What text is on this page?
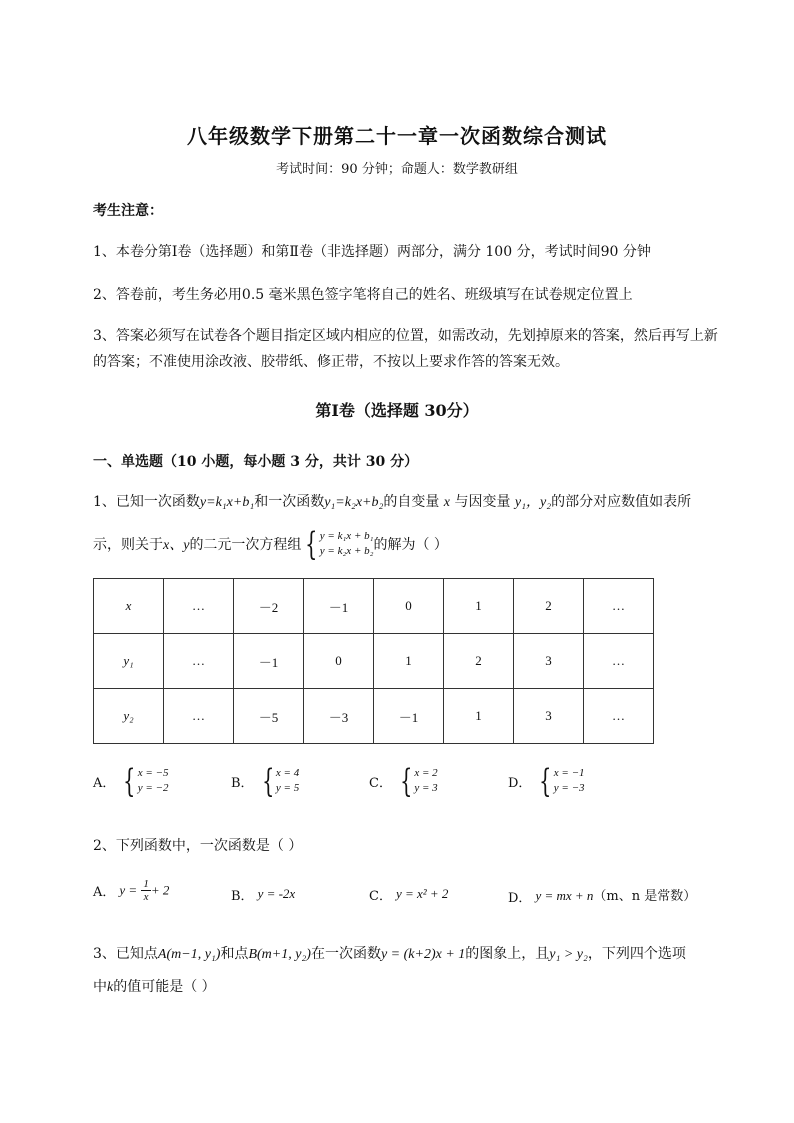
八年级数学下册第二十一章一次函数综合测试
考试时间：90 分钟；命题人：数学教研组
考生注意：
1、本卷分第Ⅰ卷（选择题）和第Ⅱ卷（非选择题）两部分，满分 100 分，考试时间90 分钟
2、答卷前，考生务必用0.5 毫米黑色签字笔将自己的姓名、班级填写在试卷规定位置上
3、答案必须写在试卷各个题目指定区域内相应的位置，如需改动，先划掉原来的答案，然后再写上新
的答案；不准使用涂改液、胶带纸、修正带，不按以上要求作答的答案无效。
第Ⅰ卷（选择题 30分）
一、单选题（10 小题，每小题 3 分，共计 30 分）
1、已知一次函数y=k₁x+b₁和一次函数y₁=k₂x+b₂的自变量 x 与因变量 y₁，y₂的部分对应数值如表所
示，则关于x、y的二元一次方程组 { y = k₁x + b₁
y = k₂x + b₂的解为（ ）
x	…	－2	－1	0	1	2	…
y₁	…	－1	0	1	2	3	…
y₂	…	－5	－3	－1	1	3	…
A． { x = −5
y = −2	B． { x = 4
y = 5	C． { x = 2
y = 3	D． { x = −1
y = −3
2、下列函数中，一次函数是（ ）
A． $y = \frac{1}{x} + 2$	B． y = -2x	C． y = x² + 2	D． y = mx + n（m、n 是常数）
3、已知点A(m−1, y₁)和点B(m+1, y₂)在一次函数y = (k+2)x + 1的图象上，且y₁ > y₂，下列四个选项
中k的值可能是（ ）
